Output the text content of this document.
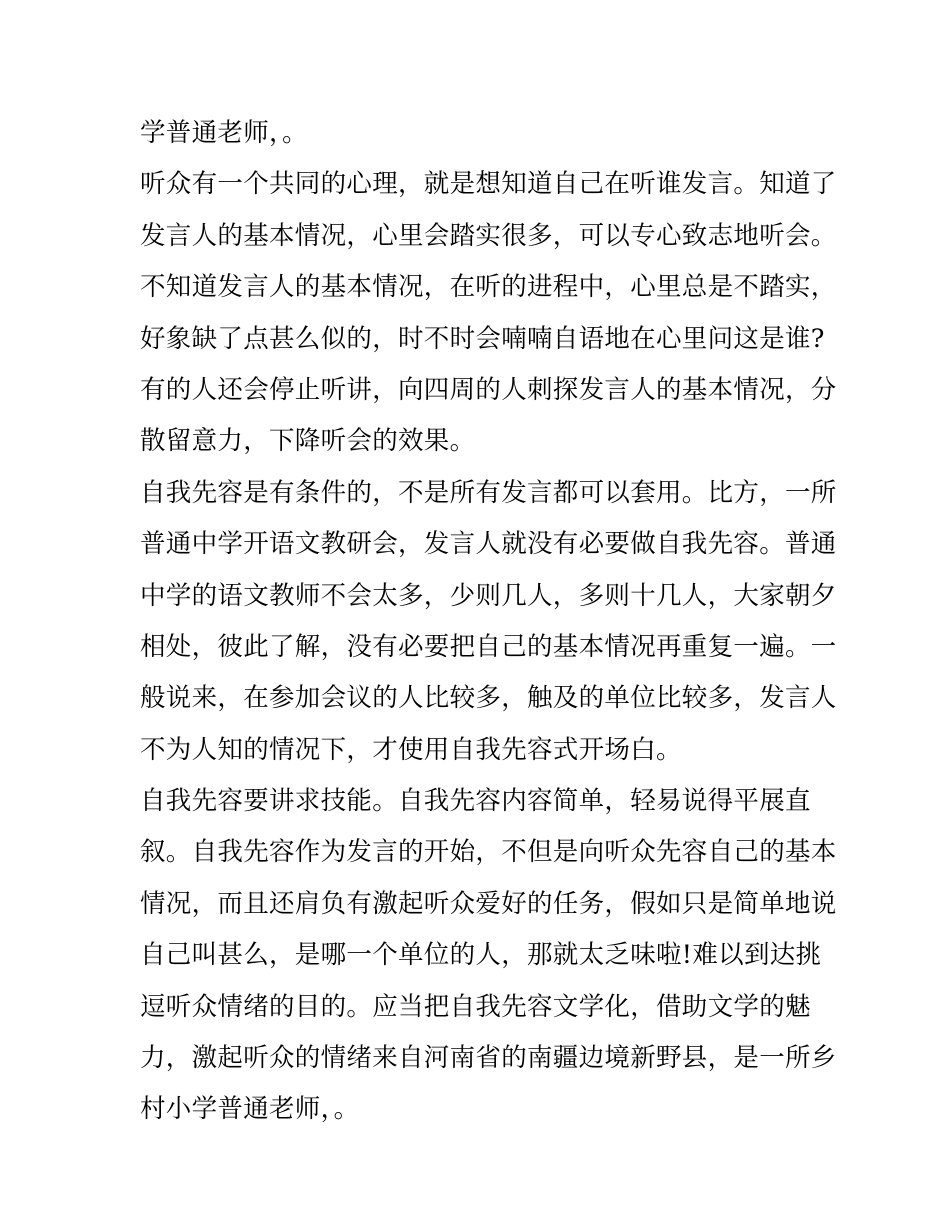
学普通老师，。
听众有一个共同的心理，就是想知道自己在听谁发言。知道了
发言人的基本情况，心里会踏实很多，可以专心致志地听会。
不知道发言人的基本情况，在听的进程中，心里总是不踏实，
好象缺了点甚么似的，时不时会喃喃自语地在心里问这是谁?
有的人还会停止听讲，向四周的人刺探发言人的基本情况，分
散留意力，下降听会的效果。
自我先容是有条件的，不是所有发言都可以套用。比方，一所
普通中学开语文教研会，发言人就没有必要做自我先容。普通
中学的语文教师不会太多，少则几人，多则十几人，大家朝夕
相处，彼此了解，没有必要把自己的基本情况再重复一遍。一
般说来，在参加会议的人比较多，触及的单位比较多，发言人
不为人知的情况下，才使用自我先容式开场白。
自我先容要讲求技能。自我先容内容简单，轻易说得平展直
叙。自我先容作为发言的开始，不但是向听众先容自己的基本
情况，而且还肩负有激起听众爱好的任务，假如只是简单地说
自己叫甚么，是哪一个单位的人，那就太乏味啦!难以到达挑
逗听众情绪的目的。应当把自我先容文学化，借助文学的魅
力，激起听众的情绪来自河南省的南疆边境新野县，是一所乡
村小学普通老师，。
